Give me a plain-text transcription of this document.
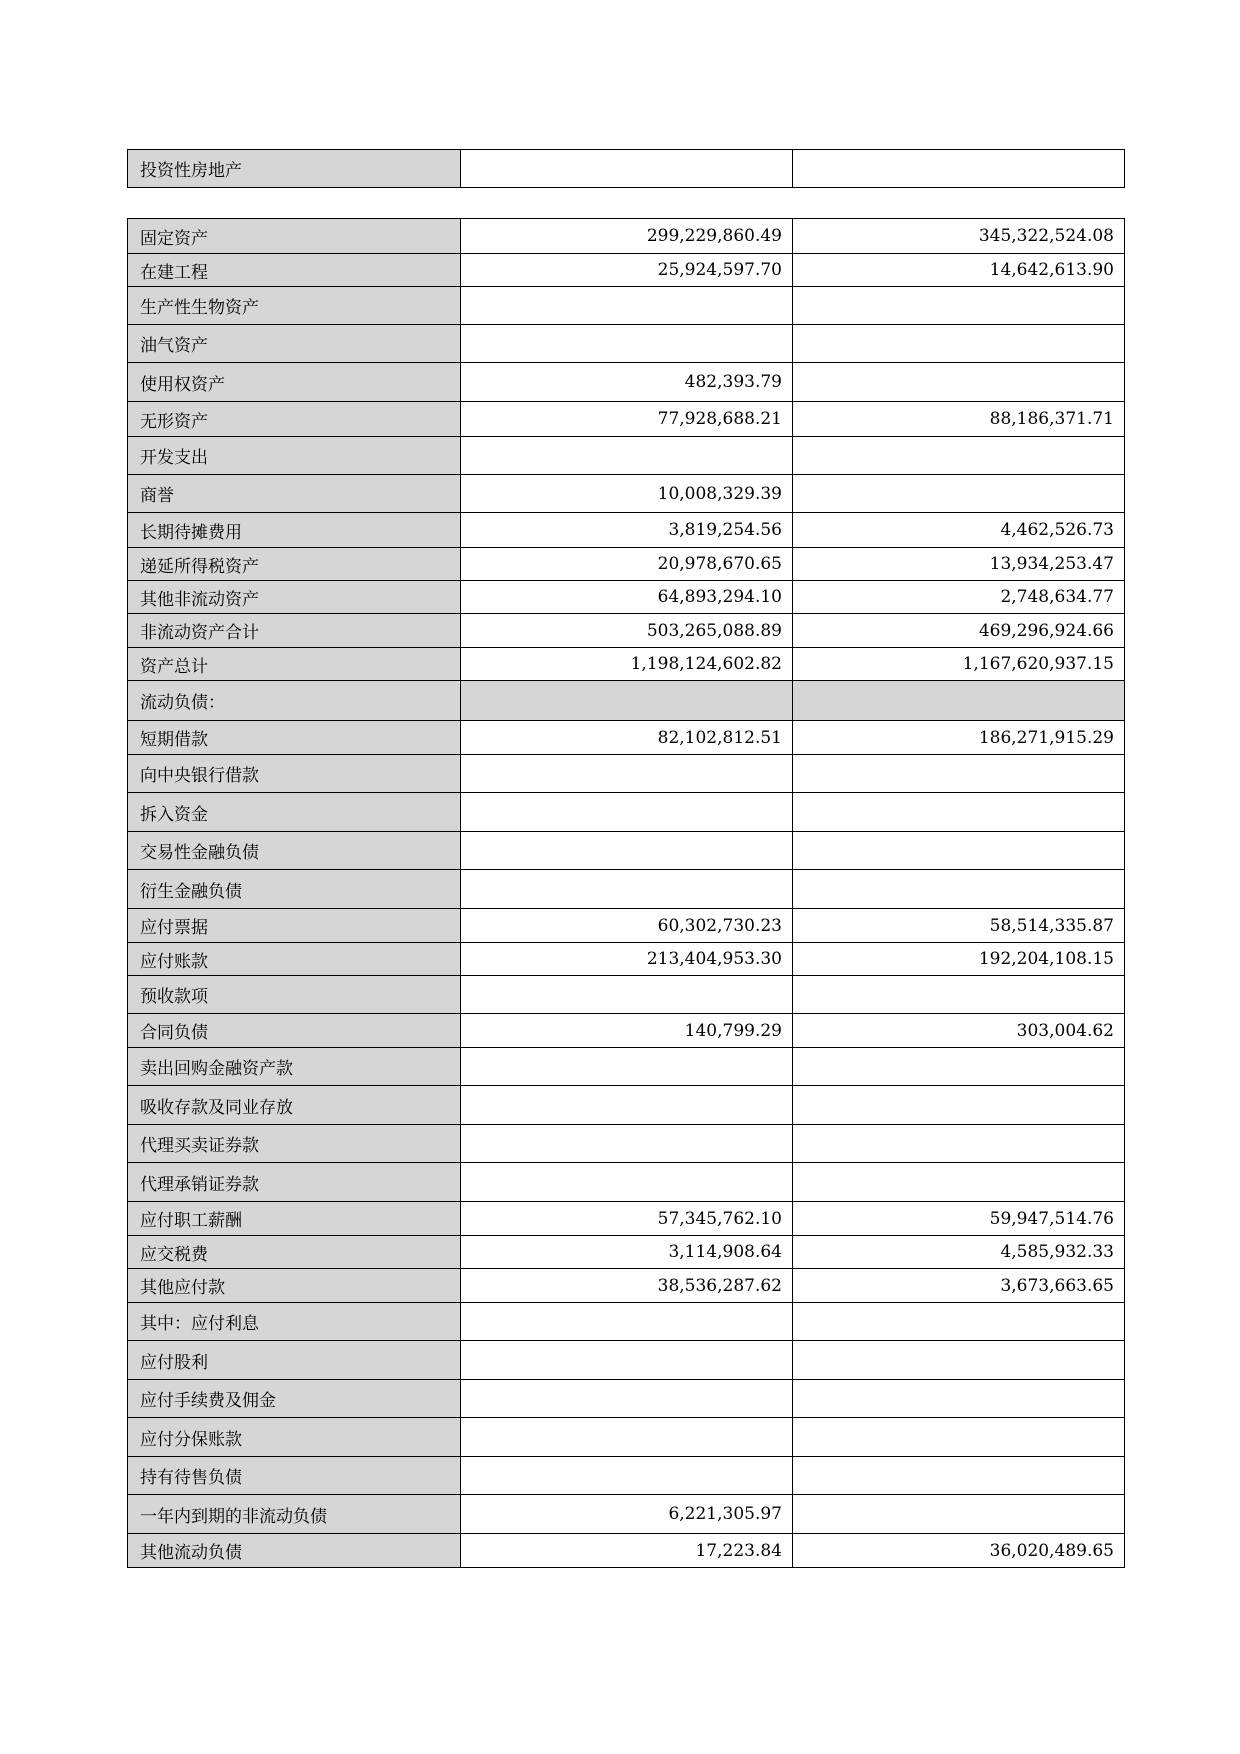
投资性房地产		
固定资产	299,229,860.49	345,322,524.08
在建工程	25,924,597.70	14,642,613.90
生产性生物资产		
油气资产		
使用权资产	482,393.79	
无形资产	77,928,688.21	88,186,371.71
开发支出		
商誉	10,008,329.39	
长期待摊费用	3,819,254.56	4,462,526.73
递延所得税资产	20,978,670.65	13,934,253.47
其他非流动资产	64,893,294.10	2,748,634.77
非流动资产合计	503,265,088.89	469,296,924.66
资产总计	1,198,124,602.82	1,167,620,937.15
流动负债：		
短期借款	82,102,812.51	186,271,915.29
向中央银行借款		
拆入资金		
交易性金融负债		
衍生金融负债		
应付票据	60,302,730.23	58,514,335.87
应付账款	213,404,953.30	192,204,108.15
预收款项		
合同负债	140,799.29	303,004.62
卖出回购金融资产款		
吸收存款及同业存放		
代理买卖证券款		
代理承销证券款		
应付职工薪酬	57,345,762.10	59,947,514.76
应交税费	3,114,908.64	4,585,932.33
其他应付款	38,536,287.62	3,673,663.65
其中：应付利息		
应付股利		
应付手续费及佣金		
应付分保账款		
持有待售负债		
一年内到期的非流动负债	6,221,305.97	
其他流动负债	17,223.84	36,020,489.65
